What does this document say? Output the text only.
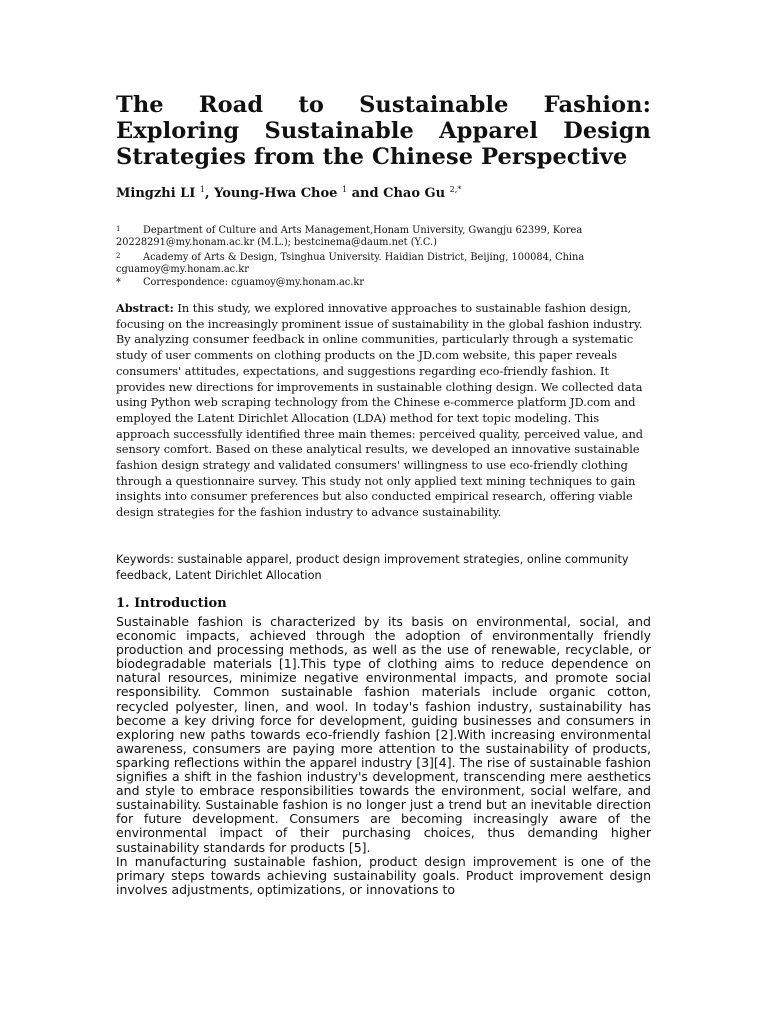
The Road to Sustainable Fashion: Exploring Sustainable Apparel Design Strategies from the Chinese Perspective

Mingzhi LI $^1$, Young-Hwa Choe $^1$ and Chao Gu $^{2,*}$

1 Department of Culture and Arts Management,Honam University, Gwangju 62399, Korea
20228291@my.honam.ac.kr (M.L.); bestcinema@daum.net (Y.C.)
2 Academy of Arts & Design, Tsinghua University. Haidian District, Beijing, 100084, China
cguamoy@my.honam.ac.kr
* Correspondence: cguamoy@my.honam.ac.kr

Abstract: In this study, we explored innovative approaches to sustainable fashion design, focusing on the increasingly prominent issue of sustainability in the global fashion industry. By analyzing consumer feedback in online communities, particularly through a systematic study of user comments on clothing products on the JD.com website, this paper reveals consumers' attitudes, expectations, and suggestions regarding eco-friendly fashion. It provides new directions for improvements in sustainable clothing design. We collected data using Python web scraping technology from the Chinese e-commerce platform JD.com and employed the Latent Dirichlet Allocation (LDA) method for text topic modeling. This approach successfully identified three main themes: perceived quality, perceived value, and sensory comfort. Based on these analytical results, we developed an innovative sustainable fashion design strategy and validated consumers' willingness to use eco-friendly clothing through a questionnaire survey. This study not only applied text mining techniques to gain insights into consumer preferences but also conducted empirical research, offering viable design strategies for the fashion industry to advance sustainability.

Keywords: sustainable apparel, product design improvement strategies, online community feedback, Latent Dirichlet Allocation

1. Introduction

Sustainable fashion is characterized by its basis on environmental, social, and economic impacts, achieved through the adoption of environmentally friendly production and processing methods, as well as the use of renewable, recyclable, or biodegradable materials [1].This type of clothing aims to reduce dependence on natural resources, minimize negative environmental impacts, and promote social responsibility. Common sustainable fashion materials include organic cotton, recycled polyester, linen, and wool. In today's fashion industry, sustainability has become a key driving force for development, guiding businesses and consumers in exploring new paths towards eco-friendly fashion [2].With increasing environmental awareness, consumers are paying more attention to the sustainability of products, sparking reflections within the apparel industry [3][4]. The rise of sustainable fashion signifies a shift in the fashion industry's development, transcending mere aesthetics and style to embrace responsibilities towards the environment, social welfare, and sustainability. Sustainable fashion is no longer just a trend but an inevitable direction for future development. Consumers are becoming increasingly aware of the environmental impact of their purchasing choices, thus demanding higher sustainability standards for products [5].

In manufacturing sustainable fashion, product design improvement is one of the primary steps towards achieving sustainability goals. Product improvement design involves adjustments, optimizations, or innovations to
